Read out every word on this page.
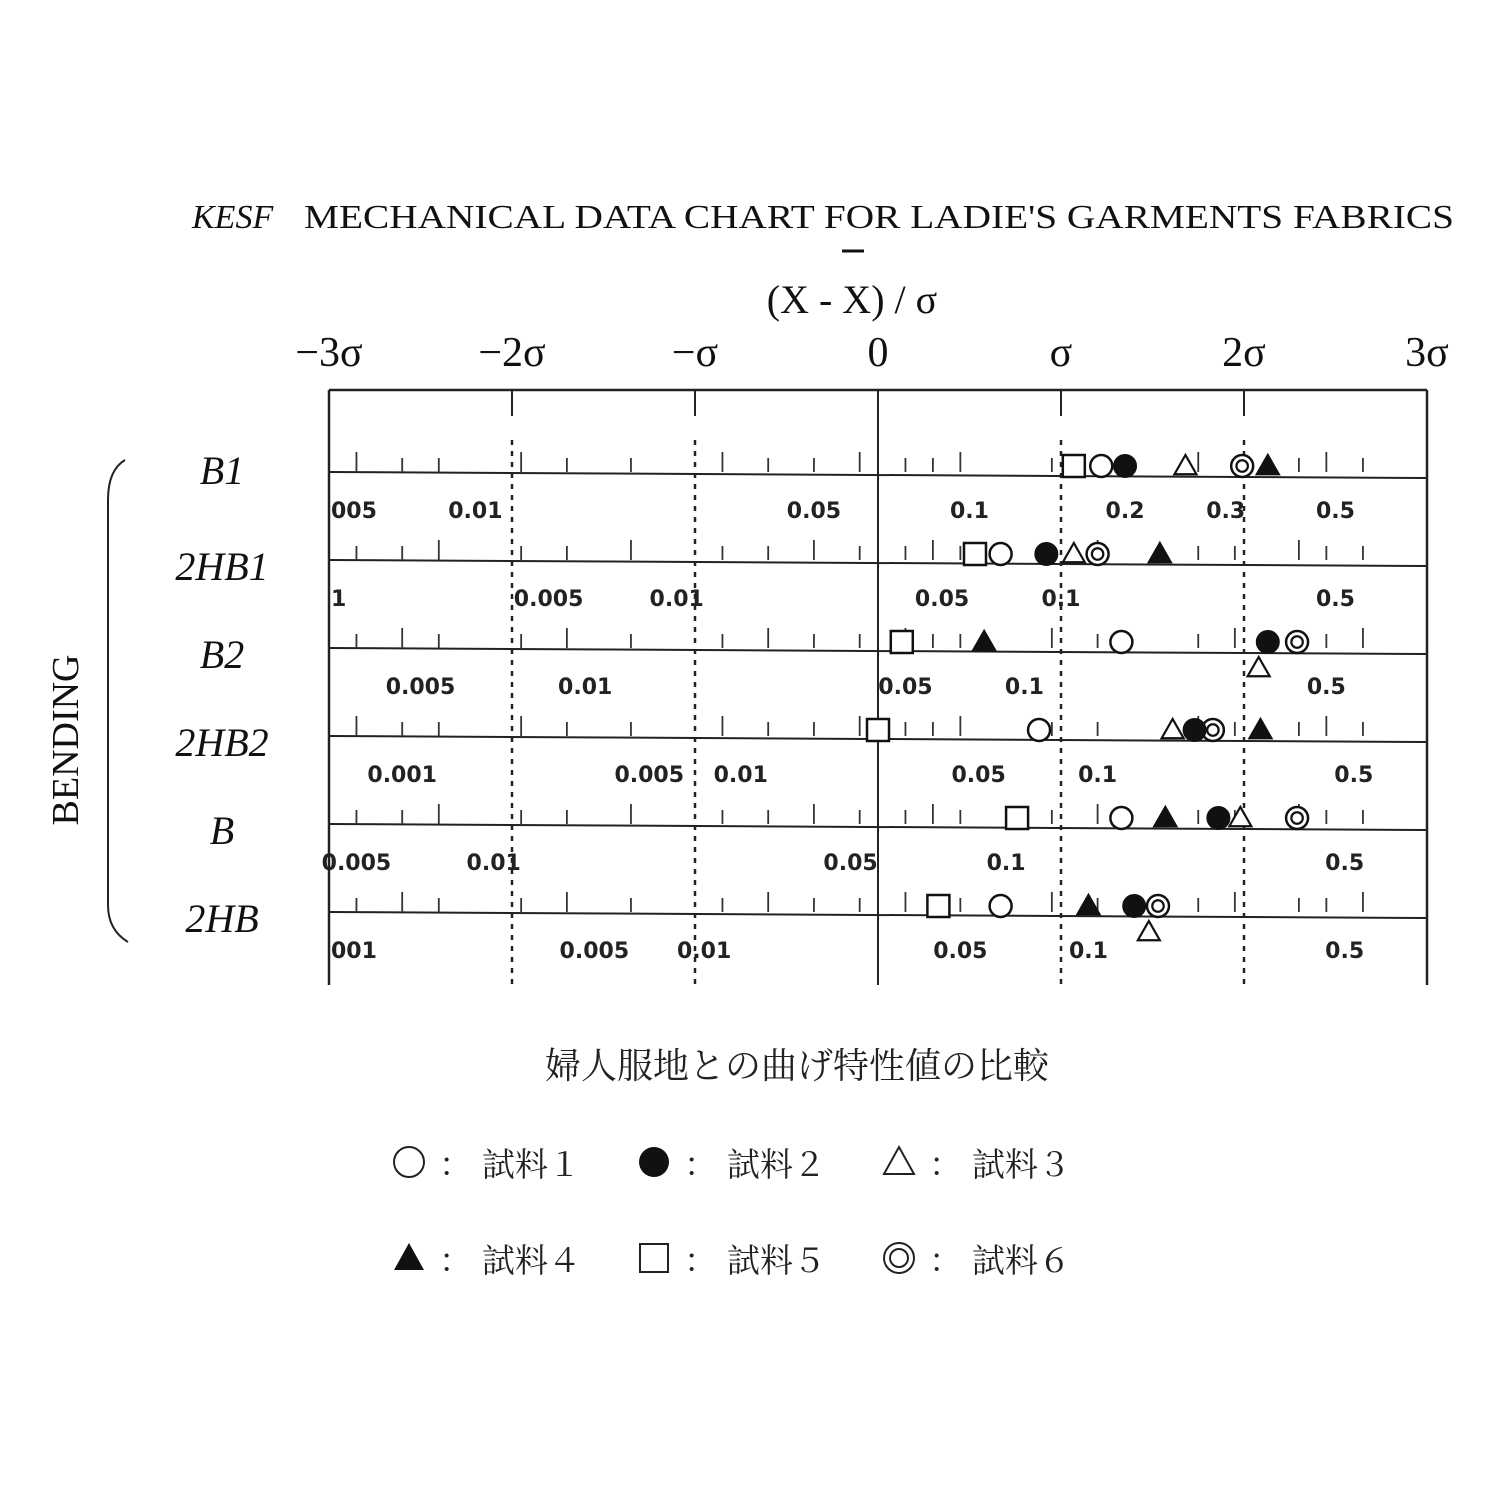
KESF MECHANICAL DATA CHART FOR LADIE'S GARMENTS FABRICS
(X - X) / σ
−3σ	−2σ	−σ	0	σ	2σ	3σ
B1
005	0.01	0.05	0.1	0.2	0.3	0.5
2HB1
1	0.005	0.01	0.05	0.1	0.5
B2
0.005	0.01	0.05	0.1	0.5
2HB2
0.001	0.005 0.01	0.05	0.1	0.5
B
0.005	0.01	0.05	0.1	0.5
2HB
001	0.005 0.01	0.05	0.1	0.5
BENDING
婦人服地との曲げ特性値の比較
： 試料１	： 試料２	： 試料３
： 試料４	： 試料５	： 試料６
